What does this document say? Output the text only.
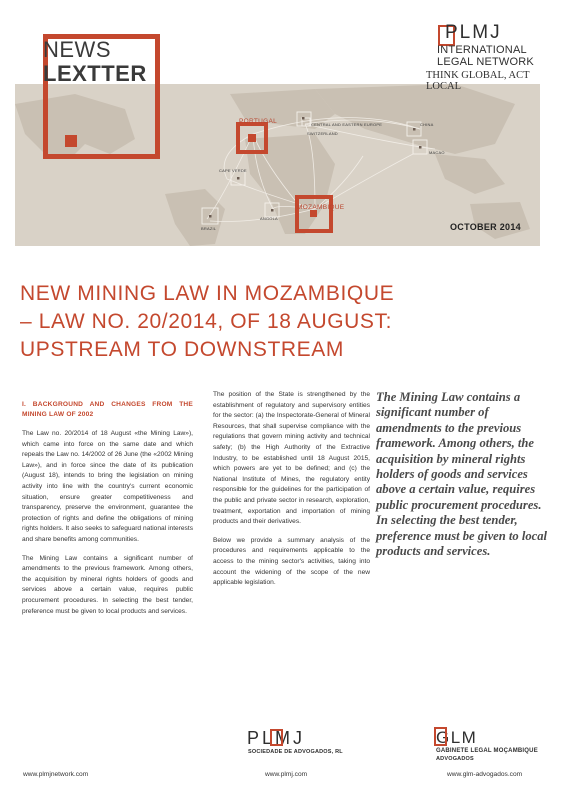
PORTUGAL	CENTRAL AND EASTERN EUROPE
SWITZERLAND
CAPE VERDE
CHINA
MACAO
MOZAMBIQUE
ANGOLA
BRAZIL
NEWS
LEXTTER
PLMJ
INTERNATIONAL
LEGAL NETWORK
THINK GLOBAL, ACT LOCAL
OCTOBER 2014
NEW MINING LAW IN MOZAMBIQUE
– LAW NO. 20/2014, OF 18 AUGUST:
UPSTREAM TO DOWNSTREAM

I. BACKGROUND AND CHANGES FROM THE MINING LAW OF 2002

The Law no. 20/2014 of 18 August «the Mining Law»), which came into force on the same date and which repeals the Law no. 14/2002 of 26 June (the «2002 Mining Law»), and in force since the date of its publication (August 18), intends to bring the legislation on mining activity into line with the country's current economic situation, ensure greater competitiveness and transparency, preserve the environment, guarantee the protection of rights and define the obligations of mining rights holders. It also seeks to safeguard national interests and share benefits among communities.

The Mining Law contains a significant number of amendments to the previous framework. Among others, the acquisition by mineral rights holders of goods and services above a certain value, requires public procurement procedures. In selecting the best tender, preference must be given to local products and services.

The position of the State is strengthened by the establishment of regulatory and supervisory entities for the sector: (a) the Inspectorate-General of Mineral Resources, that shall supervise compliance with the regulations that govern mining activity and technical safety; (b) the High Authority of the Extractive Industry, to be established until 18 August 2015, which powers are yet to be defined; and (c) the National Institute of Mines, the regulatory entity responsible for the guidelines for the participation of the public and private sector in research, exploration, treatment, exportation and importation of mining products and their derivatives.

Below we provide a summary analysis of the procedures and requirements applicable to the access to the mining sector's activities, taking into account the widening of the scope of the new applicable legislation.

The Mining Law contains a significant number of amendments to the previous framework. Among others, the acquisition by mineral rights holders of goods and services above a certain value, requires public procurement procedures. In selecting the best tender, preference must be given to local products and services.
PLMJ
SOCIEDADE DE ADVOGADOS, RL
GLM
GABINETE LEGAL MOÇAMBIQUE
ADVOGADOS
www.plmjnetwork.com	www.plmj.com	www.glm-advogados.com
